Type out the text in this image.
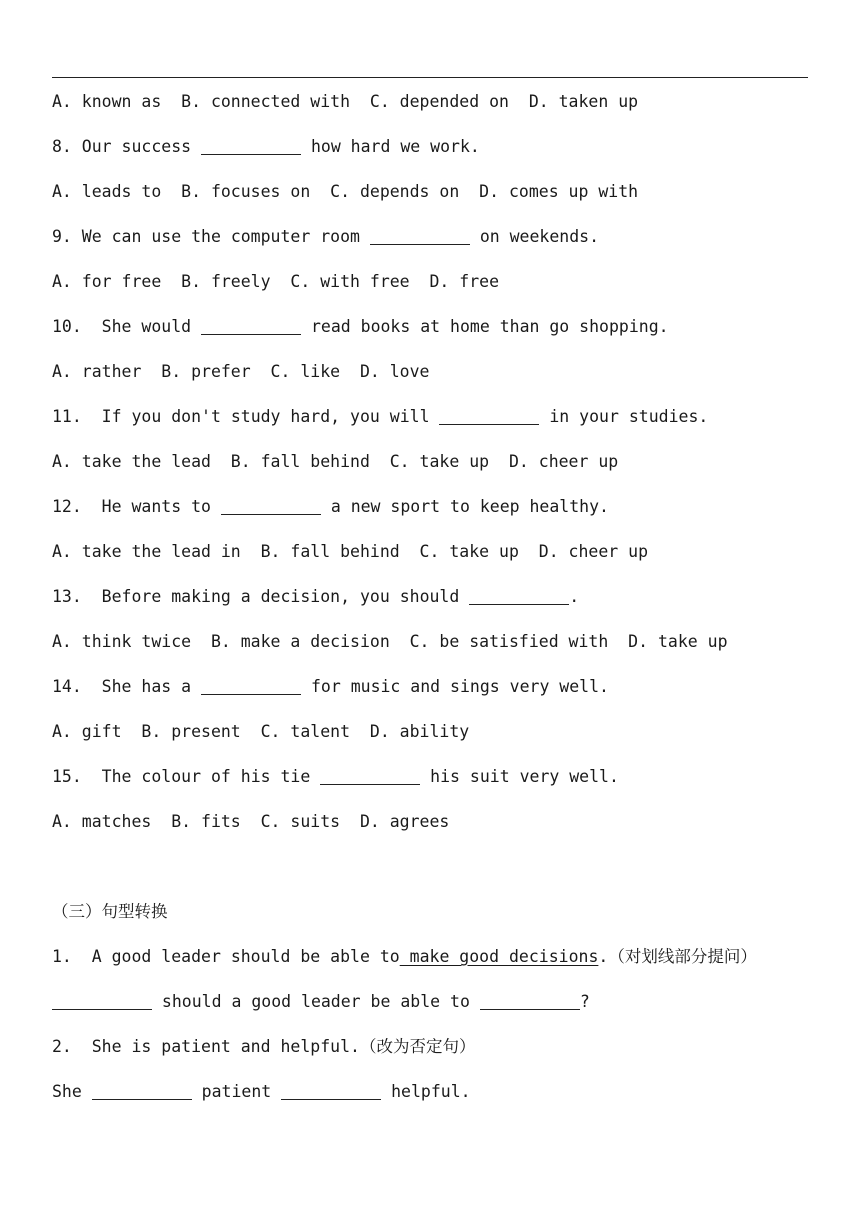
A. known as  B. connected with  C. depended on  D. taken up
8. Our success	how hard we work.
A. leads to  B. focuses on  C. depends on  D. comes up with
9. We can use the computer room	on weekends.
A. for free  B. freely  C. with free  D. free
10.  She would	read books at home than go shopping.
A. rather  B. prefer  C. like  D. love
11.  If you don't study hard, you will	in your studies.
A. take the lead  B. fall behind  C. take up  D. cheer up
12.  He wants to	a new sport to keep healthy.
A. take the lead in  B. fall behind  C. take up  D. cheer up
13.  Before making a decision, you should	.
A. think twice  B. make a decision  C. be satisfied with  D. take up
14.  She has a	for music and sings very well.
A. gift  B. present  C. talent  D. ability
15.  The colour of his tie	his suit very well.
A. matches  B. fits  C. suits  D. agrees
（三）句型转换
1.  A good leader should be able to make good decisions.（对划线部分提问）
should a good leader be able to	?
2.  She is patient and helpful.（改为否定句）
She	patient	helpful.
